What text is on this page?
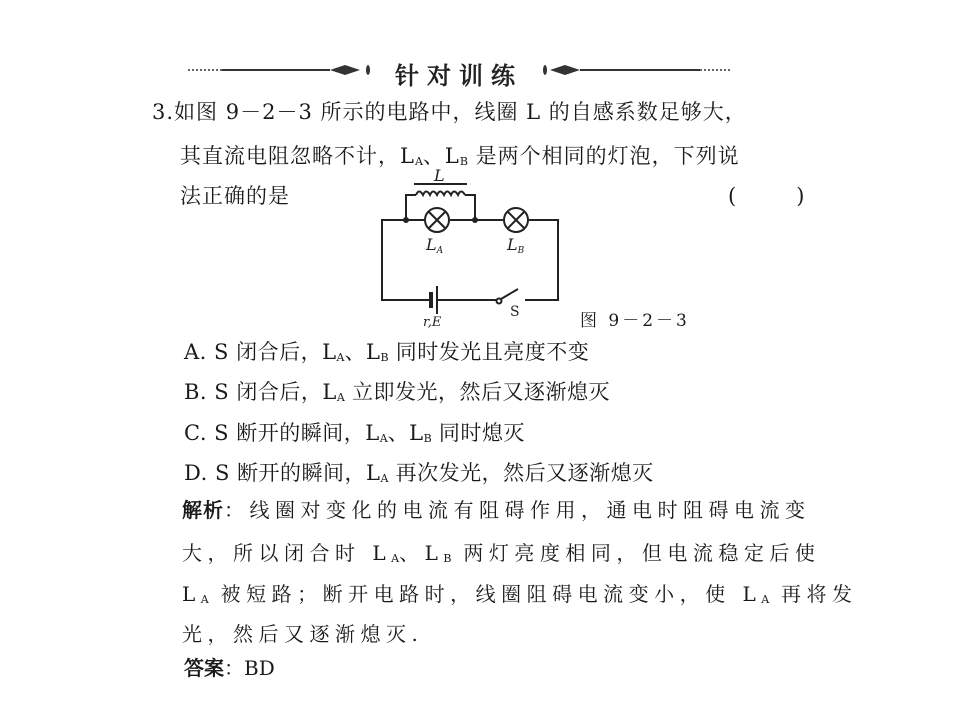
针对训练
3.如图 9－2－3 所示的电路中，线圈 L 的自感系数足够大，
其直流电阻忽略不计，$L_A$、$L_B$ 是两个相同的灯泡，下列说
法正确的是	(　　)
L
LA	LB
r,E
S	图 9－2－3
A. S 闭合后，$L_A$、$L_B$ 同时发光且亮度不变
B. S 闭合后，$L_A$ 立即发光，然后又逐渐熄灭
C. S 断开的瞬间，$L_A$、$L_B$ 同时熄灭
D. S 断开的瞬间，$L_A$ 再次发光，然后又逐渐熄灭
解析：线圈对变化的电流有阻碍作用，通电时阻碍电流变
大，所以闭合时 $L_A$、$L_B$ 两灯亮度相同，但电流稳定后使
$L_A$ 被短路；断开电路时，线圈阻碍电流变小，使 $L_A$ 再将发
光，然后又逐渐熄灭.
答案：BD
